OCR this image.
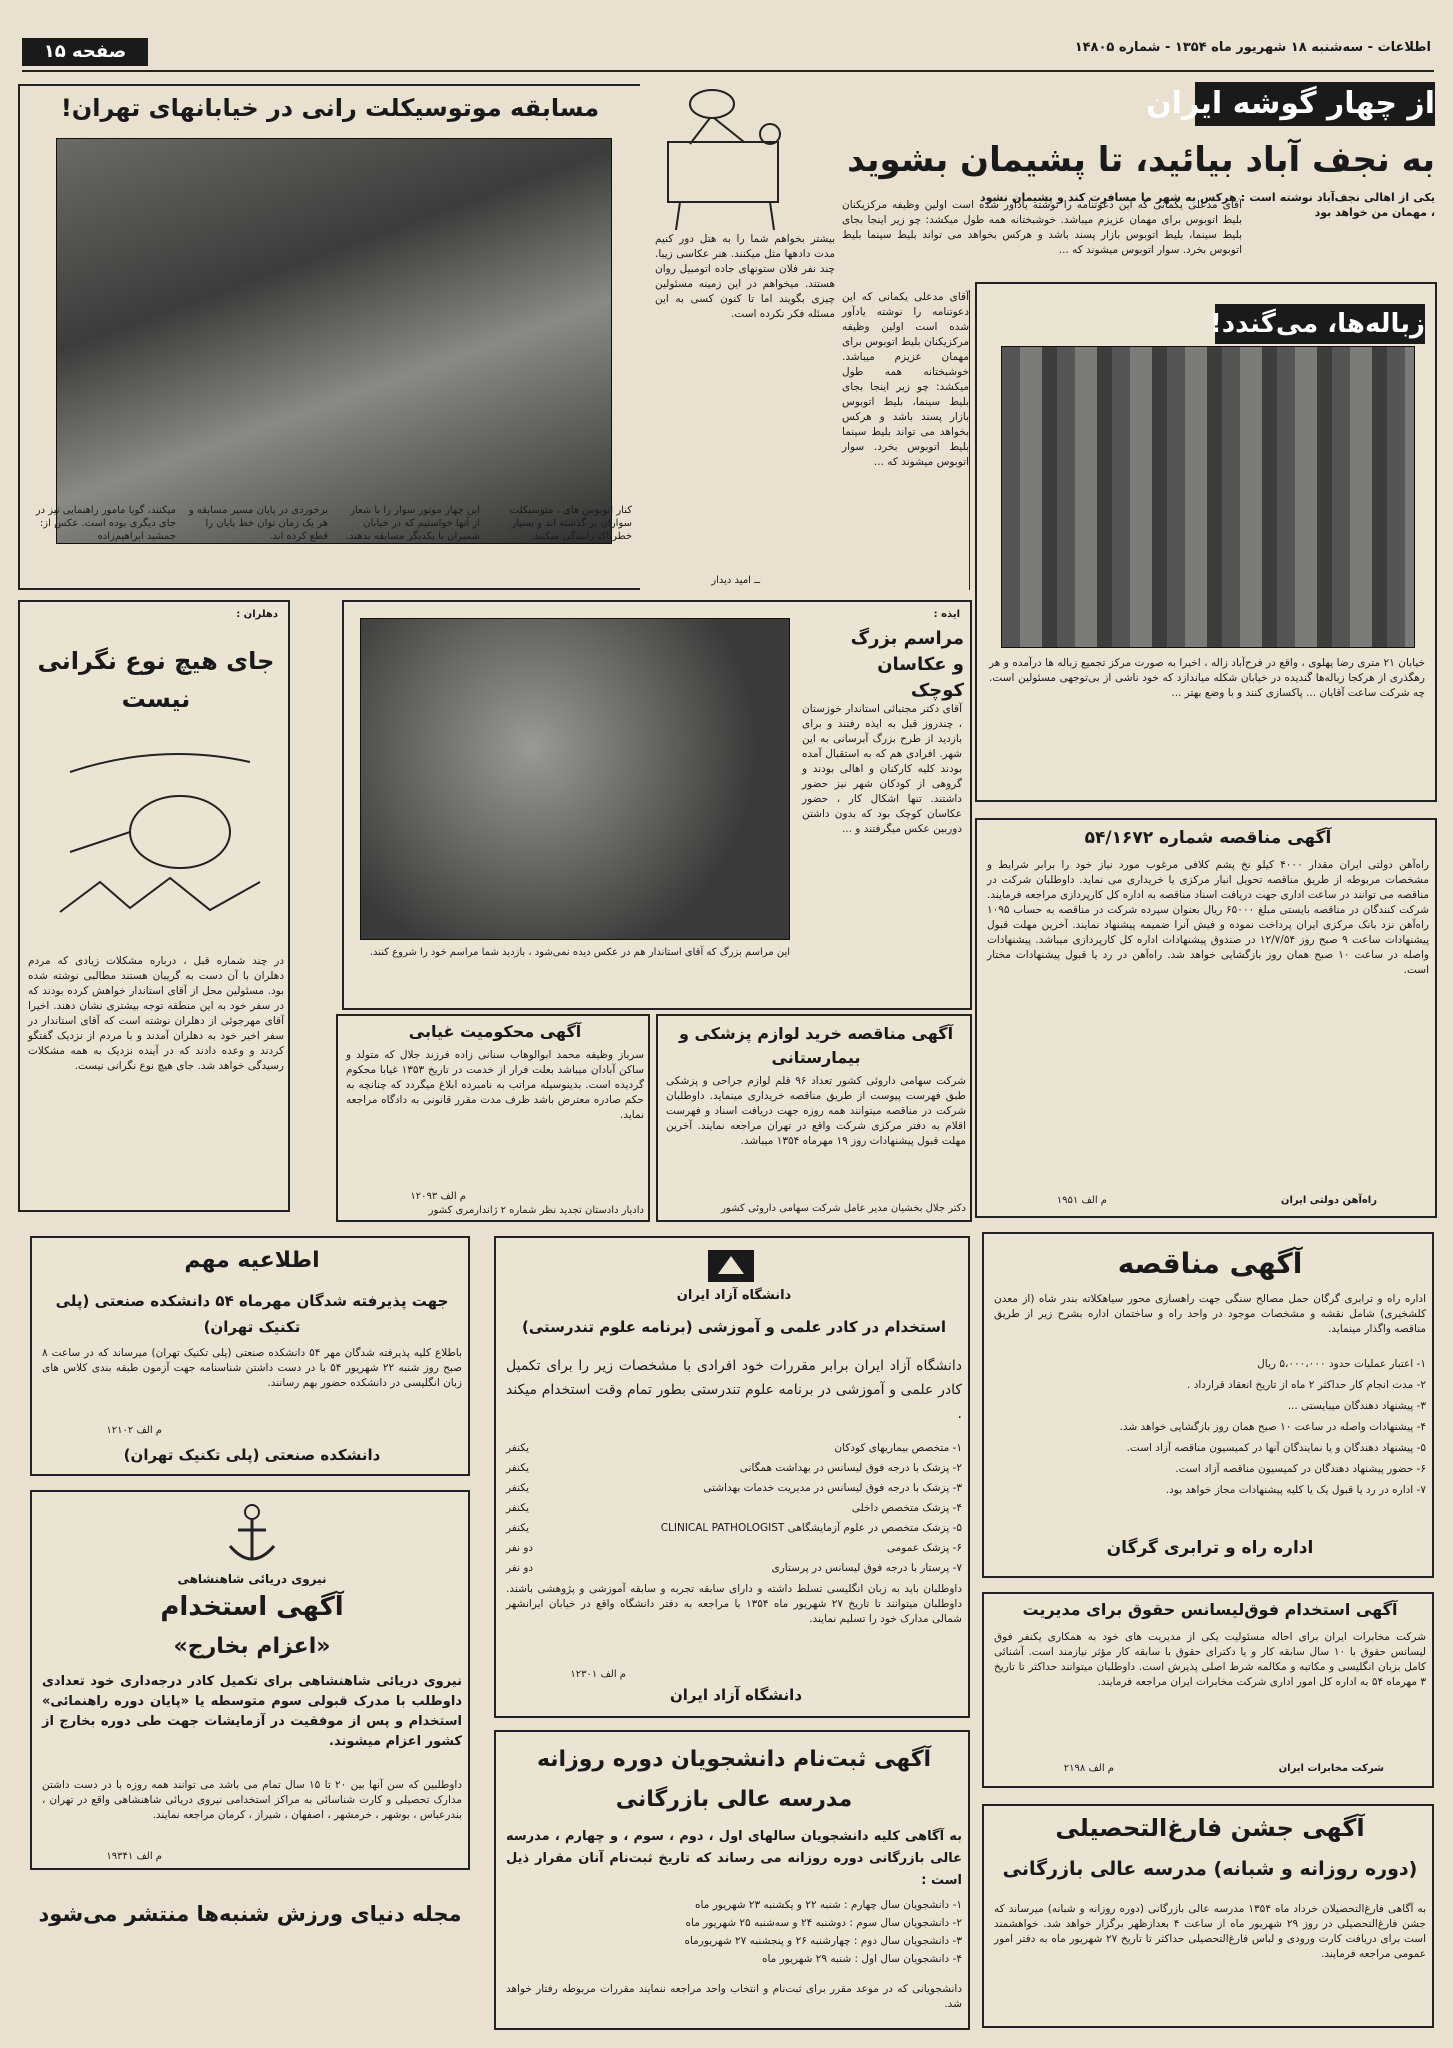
صفحه ۱۵	اطلاعات - سه‌شنبه ۱۸ شهریور ماه ۱۳۵۴ - شماره ۱۴۸۰۵
از چهار گوشه ایران
به نجف آباد بیائید، تا پشیمان بشوید
یکی از اهالی نجف‌آباد نوشته است : هرکس به شهر ما مسافرت کند و پشیمان نشود ، مهمان من خواهد بود
آقای مدعلی یکمانی که این دعوتنامه را نوشته یادآور شده است اولین وظیفه مرکزیکنان بلیط اتوبوس برای مهمان عزیزم میباشد. خوشبختانه همه طول میکشد: چو زیر اینجا بجای بلیط سینما، بلیط اتوبوس بازار پسند باشد و هرکس بخواهد می تواند بلیط سینما بلیط اتوبوس بخرد. سوار اتوبوس میشوند که ...
زباله‌ها، می‌گندد!
خیابان ۲۱ متری رضا پهلوی ، واقع در فرح‌آباد زاله ، اخیرا به صورت مرکز تجمیع زباله ها درآمده و هر رهگذری از هرکجا زباله‌ها گندیده در خیابان شکله میاندازد که خود ناشی از بی‌توجهی مسئولین است. چه شرکت ساعت آقایان ... پاکسازی کنند و با وضع بهتر ...
مسابقه موتوسیکلت رانی در خیابانهای تهران!
کنار اتوبوس های ، متوسیکلت سواران بر گذشته اند و بسیار خطرناک رانندگی میکنند.
این چهار موتور سوار را با شعار از آنها خواستیم که در خیابان شمیران با یکدیگر مسابقه ندهند.
برخوردی در پایان مسیر مسابقه و هر یک زمان توان خط پایان را قطع کرده اند.
میکنند، گویا مامور راهنمایی نیز در جای دیگری بوده است. عکس از: جمشید ابراهیم‌زاده
بیشتر بخواهم شما را به هتل دور کنیم مدت دادهها مثل میکنند. هنر عکاسی زیبا. چند نفر فلان ستونهای جاده اتومبیل روان هستند. میخواهم در این زمینه مسئولین چیزی بگویند اما تا کنون کسی به این مسئله فکر نکرده است.
ــ امید دیدار
آقای مدعلی یکمانی که این دعوتنامه را نوشته یادآور شده است اولین وظیفه مرکزیکنان بلیط اتوبوس برای مهمان عزیزم میباشد. خوشبختانه همه طول میکشد: چو زیر اینجا بجای بلیط سینما، بلیط اتوبوس بازار پسند باشد و هرکس بخواهد می تواند بلیط سینما بلیط اتوبوس بخرد. سوار اتوبوس میشوند که ...
دهلران :
جای هیچ نوع نگرانی نیست
در چند شماره قبل ، درباره مشکلات زیادی که مردم دهلران با آن دست به گریبان هستند مطالبی نوشته شده بود. مسئولین محل از آقای استاندار خواهش کرده بودند که در سفر خود به این منطقه توجه بیشتری نشان دهند. اخیرا آقای مهرجوئی از دهلران نوشته است که آقای استاندار در سفر اخیر خود به دهلران آمدند و با مردم از نزدیک گفتگو کردند و وعده دادند که در آینده نزدیک به همه مشکلات رسیدگی خواهد شد. جای هیچ نوع نگرانی نیست.
ایذه :
مراسم بزرگ و عکاسان کوچک
آقای دکتر مجتبائی استاندار خوزستان ، چندروز قبل به ایذه رفتند و برای بازدید از طرح بزرگ آبرسانی به این شهر. افرادی هم که به استقبال آمده بودند کلیه کارکنان و اهالی بودند و گروهی از کودکان شهر نیز حضور داشتند. تنها اشکال کار ، حضور عکاسان کوچک بود که بدون داشتن دوربین عکس میگرفتند و ...
این مراسم بزرگ که آقای استاندار هم در عکس دیده نمی‌شود ، بازدید شما مراسم خود را شروع کنند.
آگهی مناقصه شماره ۵۴/۱۶۷۲
راه‌آهن دولتی ایران مقدار ۴۰۰۰ کیلو نخ پشم کلافی مرغوب مورد نیاز خود را برابر شرایط و مشخصات مربوطه از طریق مناقصه تحویل انبار مرکزی یا خریداری می نماید. داوطلبان شرکت در مناقصه می توانند در ساعت اداری جهت دریافت اسناد مناقصه به اداره کل کارپردازی مراجعه فرمایند. شرکت کنندگان در مناقصه بایستی مبلغ ۶۵۰۰۰ ریال بعنوان سپرده شرکت در مناقصه به حساب ۱۰۹۵ راه‌آهن نزد بانک مرکزی ایران پرداخت نموده و فیش آنرا ضمیمه پیشنهاد نمایند. آخرین مهلت قبول پیشنهادات ساعت ۹ صبح روز ۱۲/۷/۵۴ در صندوق پیشنهادات اداره کل کارپردازی میباشد. پیشنهادات واصله در ساعت ۱۰ صبح همان روز بازگشایی خواهد شد. راه‌آهن در رد یا قبول پیشنهادات مختار است.
م الف ۱۹۵۱	راه‌آهن دولتی ایران
آگهی محکومیت غیابی
سرباز وظیفه محمد ابوالوهاب سنانی زاده فرزند جلال که متولد و ساکن آبادان میباشد بعلت فرار از خدمت در تاریخ ۱۳۵۳ غیابا محکوم گردیده است. بدینوسیله مراتب به نامبرده ابلاغ میگردد که چنانچه به حکم صادره معترض باشد ظرف مدت مقرر قانونی به دادگاه مراجعه نماید.
م الف ۱۲۰۹۳
دادیار دادستان تجدید نظر شماره ۲ ژاندارمری کشور
آگهی مناقصه خرید لوازم پزشکی و بیمارستانی
شرکت سهامی داروئی کشور تعداد ۹۶ قلم لوازم جراحی و پزشکی طبق فهرست پیوست از طریق مناقصه خریداری مینماید. داوطلبان شرکت در مناقصه میتوانند همه روزه جهت دریافت اسناد و فهرست اقلام به دفتر مرکزی شرکت واقع در تهران مراجعه نمایند. آخرین مهلت قبول پیشنهادات روز ۱۹ مهرماه ۱۳۵۴ میباشد.
دکتر جلال بخشیان مدیر عامل شرکت سهامی داروئی کشور
اطلاعیه مهم
جهت پذیرفته شدگان مهرماه ۵۴ دانشکده صنعتی (پلی تکنیک تهران)
باطلاع کلیه پذیرفته شدگان مهر ۵۴ دانشکده صنعتی (پلی تکنیک تهران) میرساند که در ساعت ۸ صبح روز شنبه ۲۲ شهریور ۵۴ با در دست داشتن شناسنامه جهت آزمون طبقه بندی کلاس های زبان انگلیسی در دانشکده حضور بهم رسانند.
م الف ۱۲۱۰۲
دانشکده صنعتی (پلی تکنیک تهران)
نیروی دریائی شاهنشاهی
آگهی استخدام
«اعزام بخارج»
نیروی دریائی شاهنشاهی برای تکمیل کادر درجه‌داری خود تعدادی داوطلب با مدرک قبولی سوم متوسطه یا «پایان دوره راهنمائی» استخدام و پس از موفقیت در آزمایشات جهت طی دوره بخارج از کشور اعزام میشوند.
داوطلبین که سن آنها بین ۲۰ تا ۱۵ سال تمام می باشد می توانند همه روزه با در دست داشتن مدارک تحصیلی و کارت شناسائی به مراکز استخدامی نیروی دریائی شاهنشاهی واقع در تهران ، بندرعباس ، بوشهر ، خرمشهر ، اصفهان ، شیراز ، کرمان مراجعه نمایند.
م الف ۱۹۳۴۱
مجله دنیای ورزش شنبه‌ها منتشر می‌شود
دانشگاه آزاد ایران
استخدام در کادر علمی و آموزشی (برنامه علوم تندرستی)
دانشگاه آزاد ایران برابر مقررات خود افرادی با مشخصات زیر را برای تکمیل کادر علمی و آموزشی در برنامه علوم تندرستی بطور تمام وقت استخدام میکند .
۱- متخصص بیماریهای کودکان
یکنفر
۲- پزشک با درجه فوق لیسانس در بهداشت همگانی
یکنفر
۳- پزشک با درجه فوق لیسانس در مدیریت خدمات بهداشتی
یکنفر
۴- پزشک متخصص داخلی
یکنفر
۵- پزشک متخصص در علوم آزمایشگاهی CLINICAL PATHOLOGIST
یکنفر
۶- پزشک عمومی
دو نفر
۷- پرستار با درجه فوق لیسانس در پرستاری
دو نفر
داوطلبان باید به زبان انگلیسی تسلط داشته و دارای سابقه تجربه و سابقه آموزشی و پژوهشی باشند. داوطلبان میتوانند تا تاریخ ۲۷ شهریور ماه ۱۳۵۴ با مراجعه به دفتر دانشگاه واقع در خیابان ایرانشهر شمالی مدارک خود را تسلیم نمایند.
م الف ۱۲۳۰۱
دانشگاه آزاد ایران
آگهی ثبت‌نام دانشجویان دوره روزانه مدرسه عالی بازرگانی
به آگاهی کلیه دانشجویان سالهای اول ، دوم ، سوم ، و چهارم ، مدرسه عالی بازرگانی دوره روزانه می رساند که تاریخ ثبت‌نام آنان مقرار ذیل است :
۱- دانشجویان سال چهارم : شنبه ۲۲ و یکشنبه ۲۳ شهریور ماه
۲- دانشجویان سال سوم : دوشنبه ۲۴ و سه‌شنبه ۲۵ شهریور ماه
۳- دانشجویان سال دوم : چهارشنبه ۲۶ و پنجشنبه ۲۷ شهریورماه
۴- دانشجویان سال اول : شنبه ۲۹ شهریور ماه
دانشجویانی که در موعد مقرر برای ثبت‌نام و انتخاب واحد مراجعه ننمایند مقررات مربوطه رفتار خواهد شد.
آگهی مناقصه
اداره راه و ترابری گرگان حمل مصالح سنگی جهت راهسازی محور سیاهکلاته بندر شاه (از معدن کلشخیری) شامل نقشه و مشخصات موجود در واحد راه و ساختمان اداره بشرح زیر از طریق مناقصه واگذار مینماید.
۱- اعتبار عملیات حدود ۵،۰۰۰،۰۰۰ ریال
۲- مدت انجام کار حداکثر ۲ ماه از تاریخ انعقاد قرارداد .
۳- پیشنهاد دهندگان میبایستی ...
۴- پیشنهادات واصله در ساعت ۱۰ صبح همان روز بازگشایی خواهد شد.
۵- پیشنهاد دهندگان و یا نمایندگان آنها در کمیسیون مناقصه آزاد است.
۶- حضور پیشنهاد دهندگان در کمیسیون مناقصه آزاد است.
۷- اداره در رد یا قبول یک یا کلیه پیشنهادات مجاز خواهد بود.
اداره راه و ترابری گرگان
آگهی استخدام فوق‌لیسانس حقوق برای مدیریت
شرکت مخابرات ایران برای احاله مسئولیت یکی از مدیریت های خود به همکاری یکنفر فوق لیسانس حقوق با ۱۰ سال سابقه کار و یا دکترای حقوق با سابقه کار مؤثر نیازمند است. آشنائی کامل بزبان انگلیسی و مکاتبه و مکالمه شرط اصلی پذیرش است. داوطلبان میتوانند حداکثر تا تاریخ ۳ مهرماه ۵۴ به اداره کل امور اداری شرکت مخابرات ایران مراجعه فرمایند.
م الف ۲۱۹۸	شرکت مخابرات ایران
آگهی جشن فارغ‌التحصیلی
(دوره روزانه و شبانه) مدرسه عالی بازرگانی
به آگاهی فارغ‌التحصیلان خرداد ماه ۱۳۵۴ مدرسه عالی بازرگانی (دوره روزانه و شبانه) میرساند که جشن فارغ‌التحصیلی در روز ۲۹ شهریور ماه از ساعت ۴ بعدازظهر برگزار خواهد شد. خواهشمند است برای دریافت کارت ورودی و لباس فارغ‌التحصیلی حداکثر تا تاریخ ۲۷ شهریور ماه به دفتر امور عمومی مراجعه فرمایند.
